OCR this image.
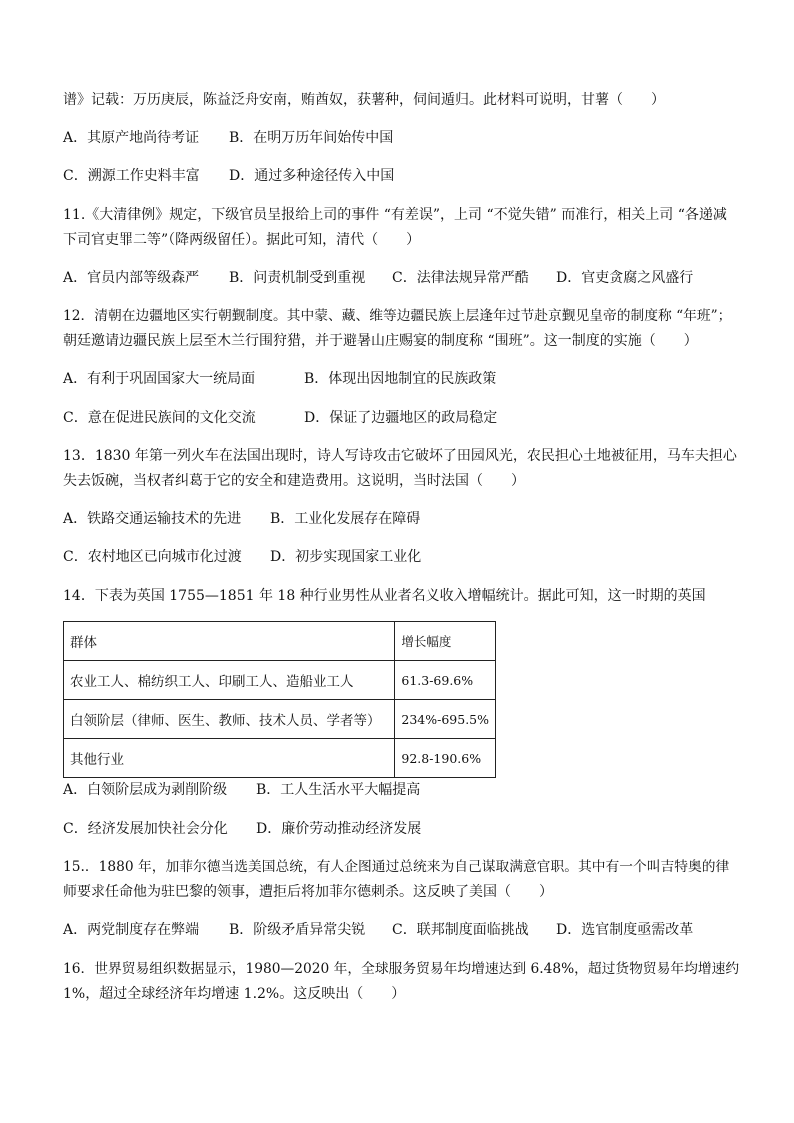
谱》记载：万历庚辰，陈益泛舟安南，贿酋奴，获薯种，伺间遁归。此材料可说明，甘薯（　　）
A．其原产地尚待考证 B．在明万历年间始传中国
C．溯源工作史料丰富 D．通过多种途径传入中国
11.《大清律例》规定，下级官员呈报给上司的事件 “有差误”，上司 “不觉失错” 而准行，相关上司 “各递减
下司官吏罪二等”（降两级留任）。据此可知，清代（　　）
A．官员内部等级森严 B．问责机制受到重视 C．法律法规异常严酷 D．官吏贪腐之风盛行
12．清朝在边疆地区实行朝觐制度。其中蒙、藏、维等边疆民族上层逢年过节赴京觐见皇帝的制度称 “年班”；
朝廷邀请边疆民族上层至木兰行围狩猎，并于避暑山庄赐宴的制度称 “围班”。这一制度的实施（　　）
A．有利于巩固国家大一统局面	B．体现出因地制宜的民族政策
C．意在促进民族间的文化交流	D．保证了边疆地区的政局稳定
13．1830 年第一列火车在法国出现时，诗人写诗攻击它破坏了田园风光，农民担心土地被征用，马车夫担心
失去饭碗，当权者纠葛于它的安全和建造费用。这说明，当时法国（　　）
A．铁路交通运输技术的先进 B．工业化发展存在障碍
C．农村地区已向城市化过渡 D．初步实现国家工业化
14．下表为英国 1755—1851 年 18 种行业男性从业者名义收入增幅统计。据此可知，这一时期的英国
群体	增长幅度
农业工人、棉纺织工人、印刷工人、造船业工人	61.3-69.6%
白领阶层（律师、医生、教师、技术人员、学者等）	234%-695.5%
其他行业	92.8-190.6%
A．白领阶层成为剥削阶级 B．工人生活水平大幅提高
C．经济发展加快社会分化 D．廉价劳动推动经济发展
15.．1880 年，加菲尔德当选美国总统，有人企图通过总统来为自己谋取满意官职。其中有一个叫吉特奥的律
师要求任命他为驻巴黎的领事，遭拒后将加菲尔德刺杀。这反映了美国（　　）
A．两党制度存在弊端 B．阶级矛盾异常尖锐 C．联邦制度面临挑战 D．选官制度亟需改革
16．世界贸易组织数据显示，1980—2020 年，全球服务贸易年均增速达到 6.48%，超过货物贸易年均增速约
1%，超过全球经济年均增速 1.2%。这反映出（　　）
